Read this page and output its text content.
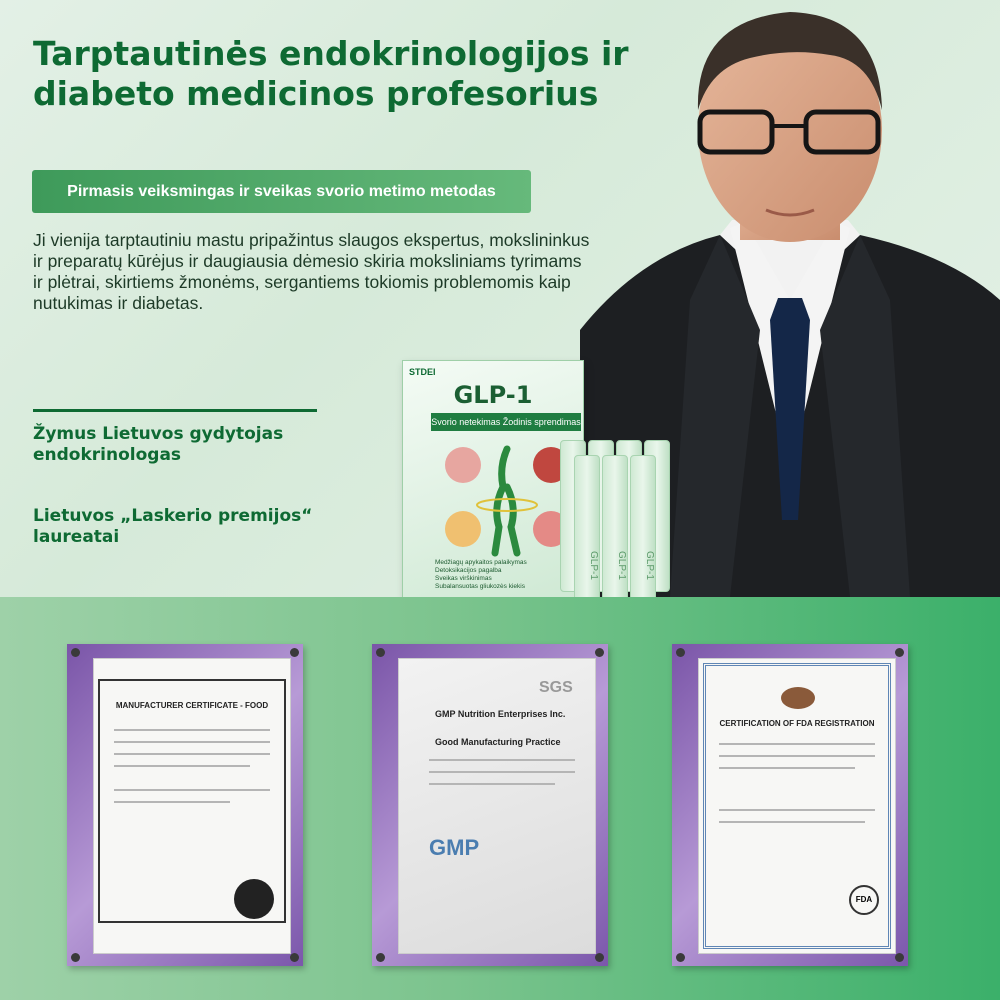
Tarptautinės endokrinologijos ir diabeto medicinos profesorius
Pirmasis veiksmingas ir sveikas svorio metimo metodas

Ji vienija tarptautiniu mastu pripažintus slaugos ekspertus, mokslininkus ir preparatų kūrėjus ir daugiausia dėmesio skiria moksliniams tyrimams ir plėtrai, skirtiems žmonėms, sergantiems tokiomis problemomis kaip nutukimas ir diabetas.

Žymus Lietuvos gydytojas endokrinologas

Lietuvos „Laskerio premijos“ laureatai

STDEI
GLP-1
Svorio netekimas Žodinis sprendimas
Medžiagų apykaitos palaikymas
Detoksikacijos pagalba
Sveikas virškinimas
Subalansuotas gliukozės kiekis
GLP-1	GLP-1	GLP-1
MANUFACTURER CERTIFICATE - FOOD
GMP Nutrition Enterprises Inc.
Good Manufacturing Practice
SGS
GMP
CERTIFICATION OF FDA REGISTRATION
FDA
